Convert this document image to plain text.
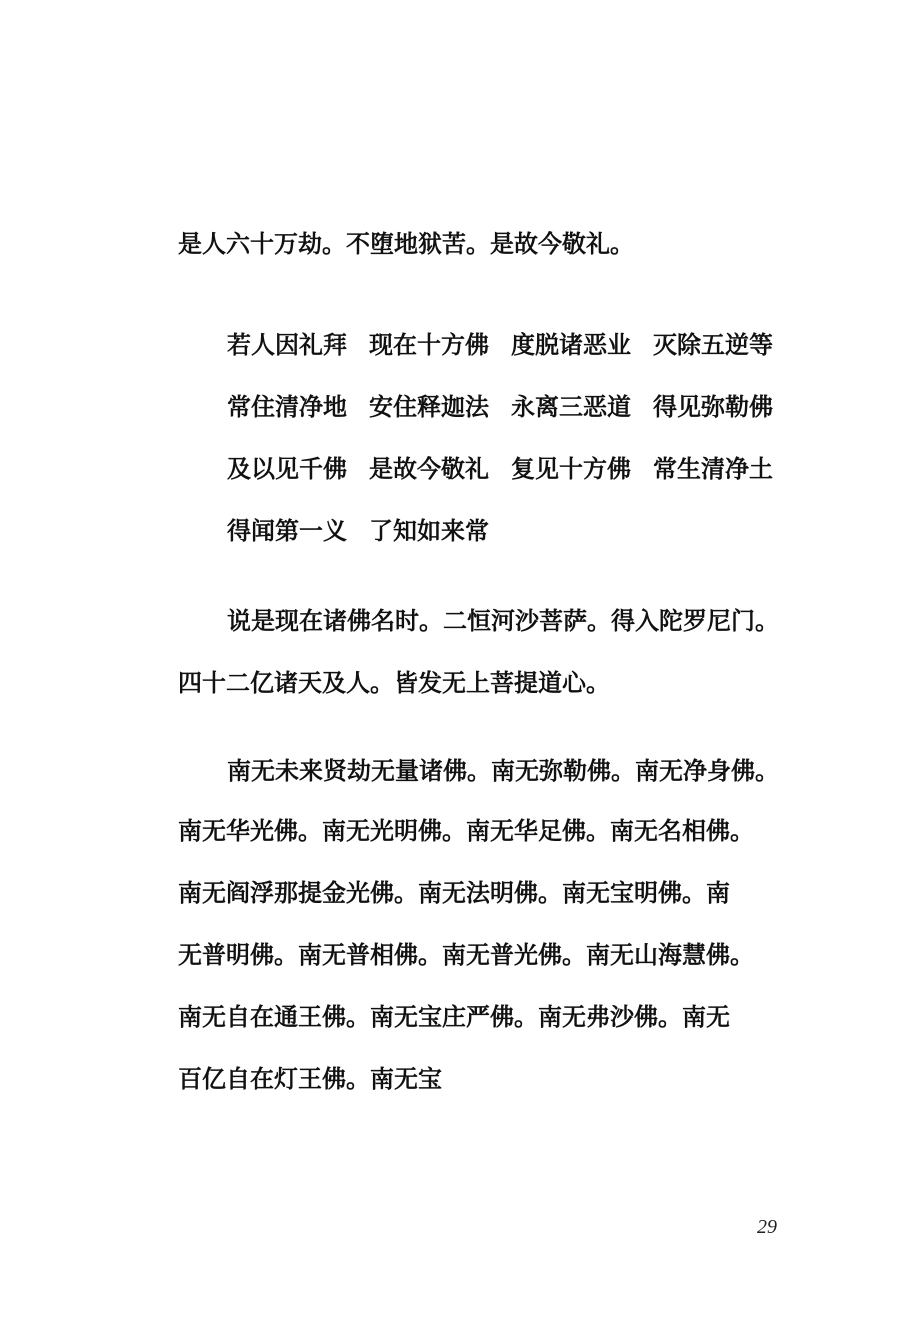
是人六十万劫。不堕地狱苦。是故今敬礼。
若人因礼拜 现在十方佛 度脱诸恶业 灭除五逆等
常住清净地 安住释迦法 永离三恶道 得见弥勒佛
及以见千佛 是故今敬礼 复见十方佛 常生清净土
得闻第一义 了知如来常
说是现在诸佛名时。二恒河沙菩萨。得入陀罗尼门。
四十二亿诸天及人。皆发无上菩提道心。
南无未来贤劫无量诸佛。南无弥勒佛。南无净身佛。
南无华光佛。南无光明佛。南无华足佛。南无名相佛。
南无阎浮那提金光佛。南无法明佛。南无宝明佛。南
无普明佛。南无普相佛。南无普光佛。南无山海慧佛。
南无自在通王佛。南无宝庄严佛。南无弗沙佛。南无
百亿自在灯王佛。南无宝
29
